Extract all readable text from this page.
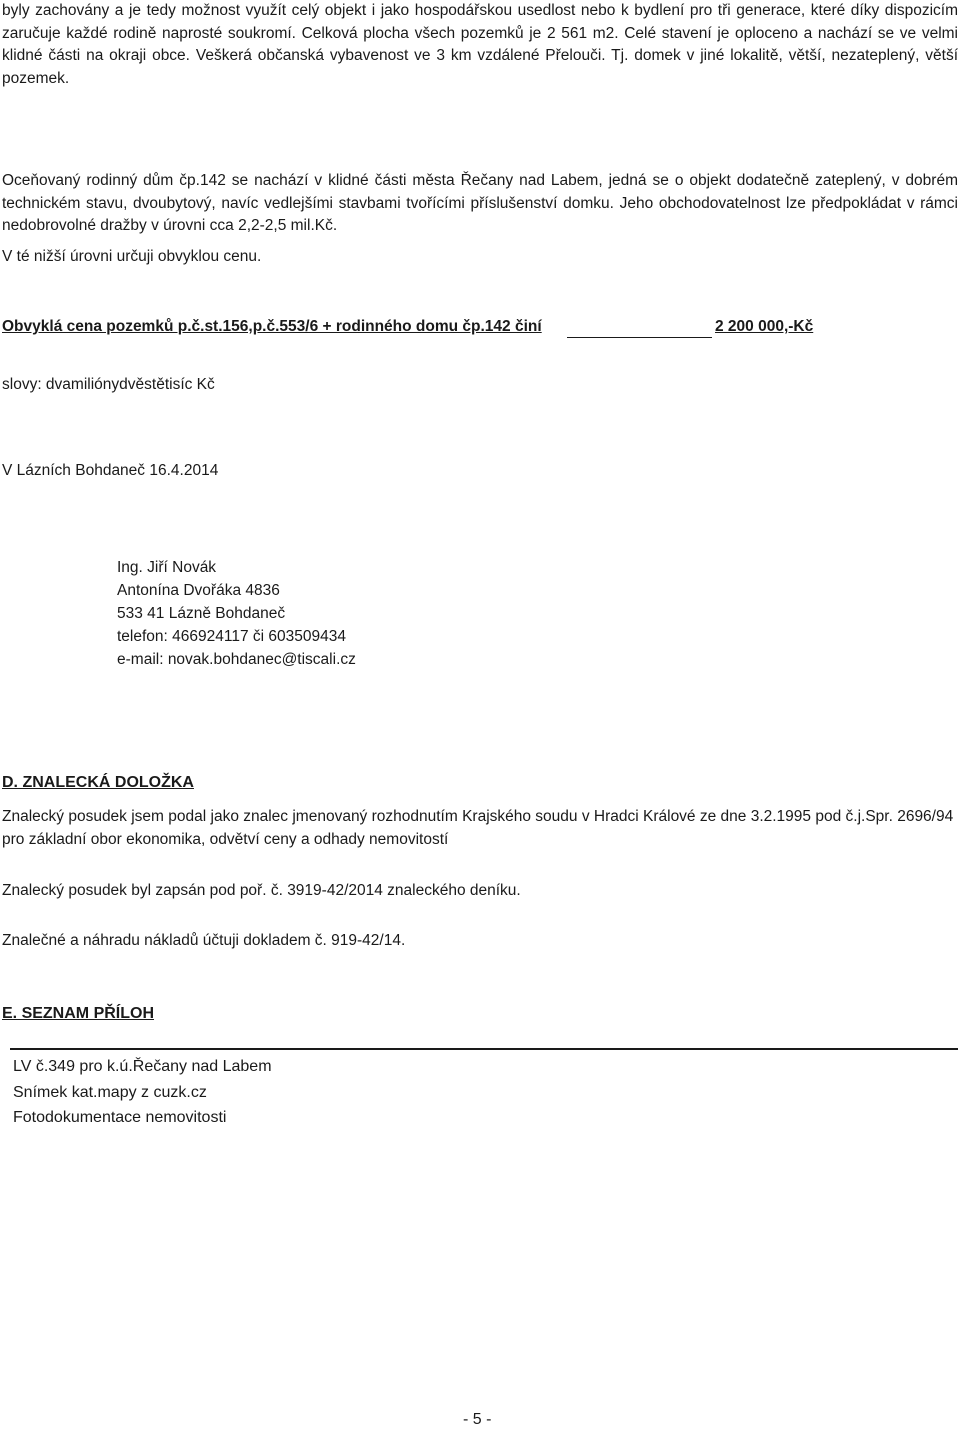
byly zachovány a je tedy možnost využít celý objekt i jako hospodářskou usedlost nebo k bydlení pro tři generace, které díky dispozicím zaručuje každé rodině naprosté soukromí. Celková plocha všech pozemků je 2 561 m2. Celé stavení je oploceno a nachází se ve velmi klidné části na okraji obce. Veškerá občanská vybavenost ve 3 km vzdálené Přelouči. Tj. domek v jiné lokalitě, větší, nezateplený, větší pozemek.

Oceňovaný rodinný dům čp.142 se nachází v klidné části města Řečany nad Labem, jedná se o objekt dodatečně zateplený, v dobrém technickém stavu, dvoubytový, navíc vedlejšími stavbami tvořícími příslušenství domku. Jeho obchodovatelnost lze předpokládat v rámci nedobrovolné dražby v úrovni cca 2,2-2,5 mil.Kč.

V té nižší úrovni určuji obvyklou cenu.

Obvyklá cena pozemků p.č.st.156,p.č.553/6 + rodinného domu čp.142 činí	2 200 000,-Kč

slovy: dvamiliónydvěstětisíc Kč

V Lázních Bohdaneč 16.4.2014

Ing. Jiří Novák

Antonína Dvořáka 4836

533 41 Lázně Bohdaneč

telefon: 466924117 či 603509434

e-mail: novak.bohdanec@tiscali.cz

D. ZNALECKÁ DOLOŽKA

Znalecký posudek jsem podal jako znalec jmenovaný rozhodnutím Krajského soudu v Hradci Králové ze dne 3.2.1995 pod č.j.Spr. 2696/94 pro základní obor ekonomika, odvětví ceny a odhady nemovitostí

Znalecký posudek byl zapsán pod poř. č. 3919-42/2014 znaleckého deníku.

Znalečné a náhradu nákladů účtuji dokladem č. 919-42/14.

E. SEZNAM PŘÍLOH

LV č.349 pro k.ú.Řečany nad Labem

Snímek kat.mapy z cuzk.cz

Fotodokumentace nemovitosti

- 5 -
